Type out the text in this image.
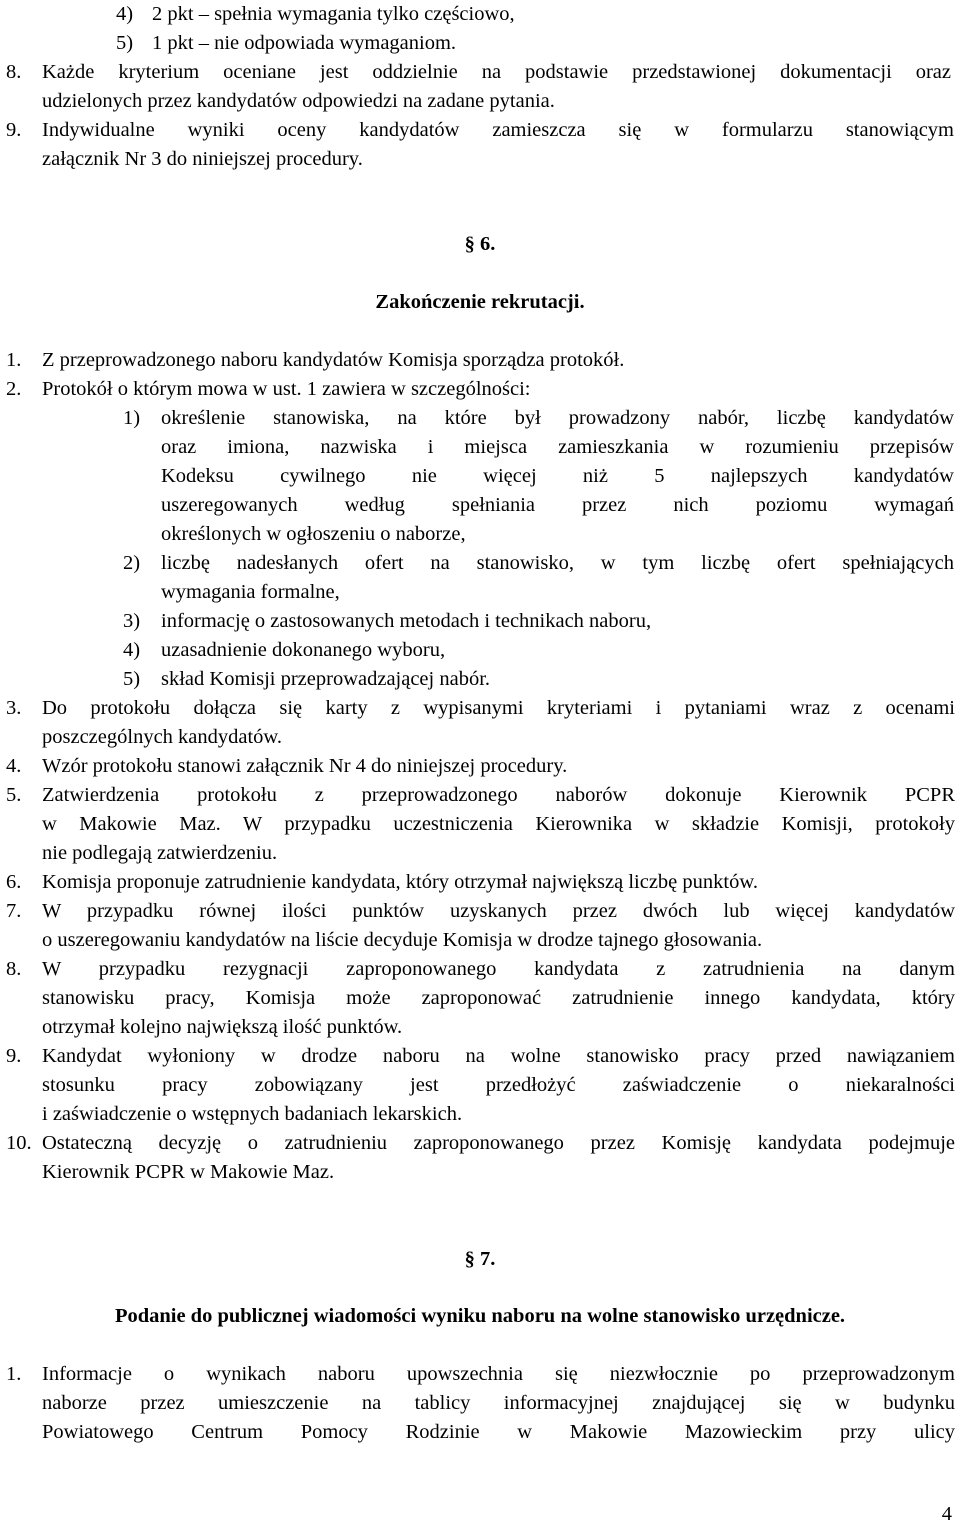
4) 2 pkt – spełnia wymagania tylko częściowo,
5) 1 pkt – nie odpowiada wymaganiom.
8. Każde kryterium oceniane jest oddzielnie na podstawie przedstawionej dokumentacji oraz
udzielonych przez kandydatów odpowiedzi na zadane pytania.
9. Indywidualne wyniki oceny kandydatów zamieszcza się w formularzu stanowiącym
załącznik Nr 3 do niniejszej procedury.
§ 6.
Zakończenie rekrutacji.
1. Z przeprowadzonego naboru kandydatów Komisja sporządza protokół.
2. Protokół o którym mowa w ust. 1 zawiera w szczególności:
1) określenie stanowiska, na które był prowadzony nabór, liczbę kandydatów
oraz imiona, nazwiska i miejsca zamieszkania w rozumieniu przepisów
Kodeksu cywilnego nie więcej niż 5 najlepszych kandydatów
uszeregowanych według spełniania przez nich poziomu wymagań
określonych w ogłoszeniu o naborze,
2) liczbę nadesłanych ofert na stanowisko, w tym liczbę ofert spełniających
wymagania formalne,
3) informację o zastosowanych metodach i technikach naboru,
4) uzasadnienie dokonanego wyboru,
5) skład Komisji przeprowadzającej nabór.
3. Do protokołu dołącza się karty z wypisanymi kryteriami i pytaniami wraz z ocenami
poszczególnych kandydatów.
4. Wzór protokołu stanowi załącznik Nr 4 do niniejszej procedury.
5. Zatwierdzenia protokołu z przeprowadzonego naborów dokonuje Kierownik PCPR
w Makowie Maz. W przypadku uczestniczenia Kierownika w składzie Komisji, protokoły
nie podlegają zatwierdzeniu.
6. Komisja proponuje zatrudnienie kandydata, który otrzymał największą liczbę punktów.
7. W przypadku równej ilości punktów uzyskanych przez dwóch lub więcej kandydatów
o uszeregowaniu kandydatów na liście decyduje Komisja w drodze tajnego głosowania.
8. W przypadku rezygnacji zaproponowanego kandydata z zatrudnienia na danym
stanowisku pracy, Komisja może zaproponować zatrudnienie innego kandydata, który
otrzymał kolejno największą ilość punktów.
9. Kandydat wyłoniony w drodze naboru na wolne stanowisko pracy przed nawiązaniem
stosunku pracy zobowiązany jest przedłożyć zaświadczenie o niekaralności
i zaświadczenie o wstępnych badaniach lekarskich.
10. Ostateczną decyzję o zatrudnieniu zaproponowanego przez Komisję kandydata podejmuje
Kierownik PCPR w Makowie Maz.
§ 7.
Podanie do publicznej wiadomości wyniku naboru na wolne stanowisko urzędnicze.
1. Informacje o wynikach naboru upowszechnia się niezwłocznie po przeprowadzonym
naborze przez umieszczenie na tablicy informacyjnej znajdującej się w budynku
Powiatowego Centrum Pomocy Rodzinie w Makowie Mazowieckim przy ulicy
4
